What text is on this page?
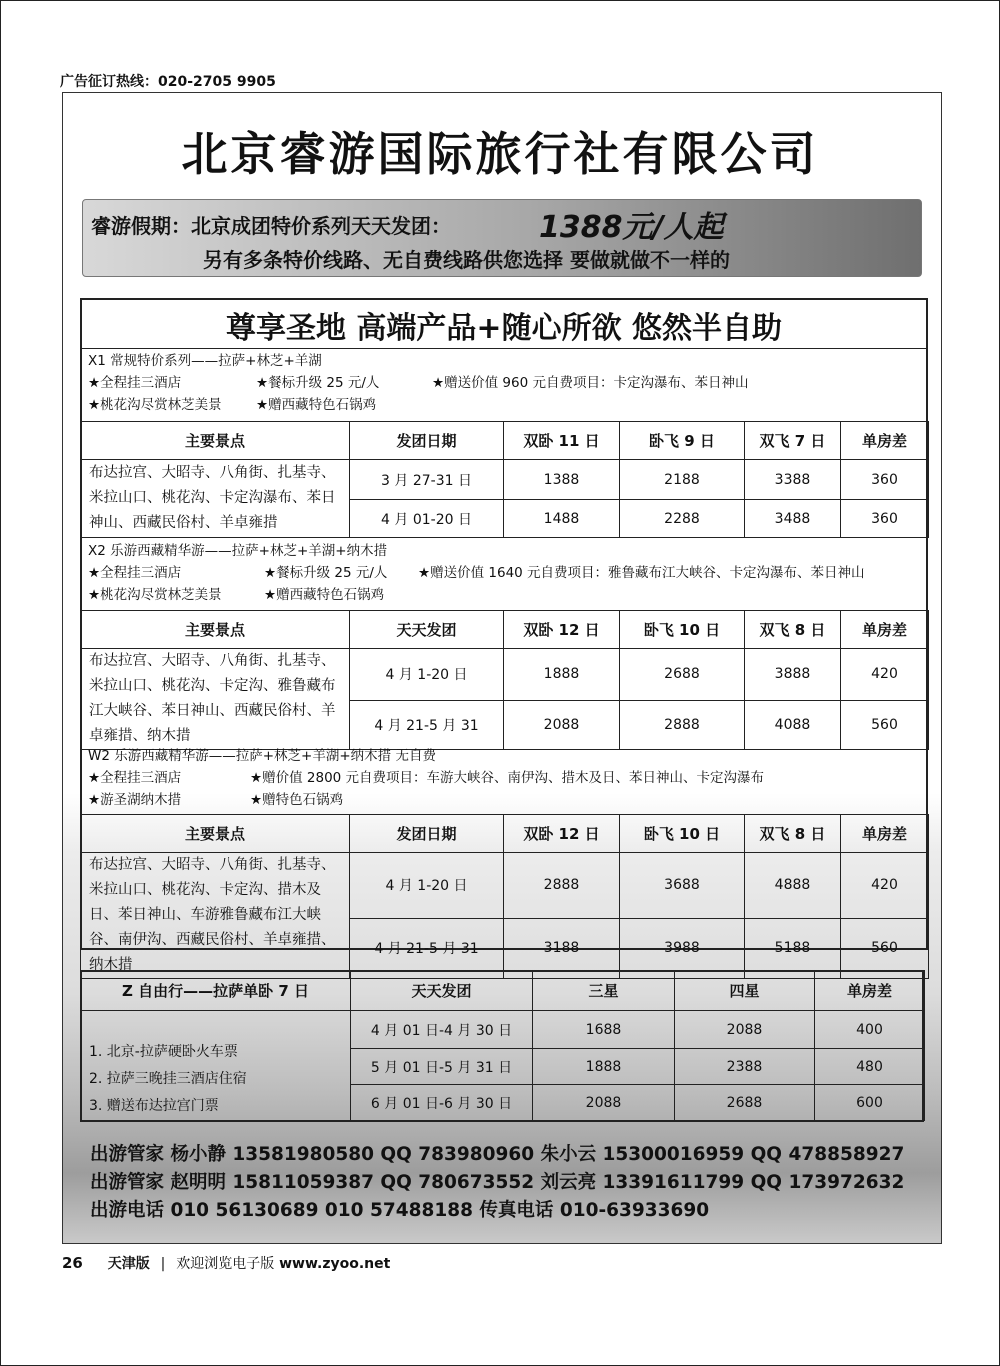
广告征订热线：020-2705 9905
北京睿游国际旅行社有限公司
睿游假期：北京成团特价系列天天发团：	1388元/人起
另有多条特价线路、无自费线路供您选择 要做就做不一样的
尊享圣地 高端产品+随心所欲 悠然半自助
X1 常规特价系列——拉萨+林芝+羊湖
★全程挂三酒店	★餐标升级 25 元/人	★赠送价值 960 元自费项目：卡定沟瀑布、苯日神山
★桃花沟尽赏林芝美景	★赠西藏特色石锅鸡
主要景点	发团日期	双卧 11 日	卧飞 9 日	双飞 7 日	单房差
布达拉宫、大昭寺、八角街、扎基寺、米拉山口、桃花沟、卡定沟瀑布、苯日神山、西藏民俗村、羊卓雍措	3 月 27-31 日	1388	2188	3388	360
	4 月 01-20 日	1488	2288	3488	360
X2 乐游西藏精华游——拉萨+林芝+羊湖+纳木措
★全程挂三酒店	★餐标升级 25 元/人 ★赠送价值 1640 元自费项目：雅鲁藏布江大峡谷、卡定沟瀑布、苯日神山
★桃花沟尽赏林芝美景	★赠西藏特色石锅鸡
主要景点	天天发团	双卧 12 日	卧飞 10 日	双飞 8 日	单房差
布达拉宫、大昭寺、八角街、扎基寺、米拉山口、桃花沟、卡定沟、雅鲁藏布江大峡谷、苯日神山、西藏民俗村、羊卓雍措、纳木措	4 月 1-20 日	1888	2688	3888	420
	4 月 21-5 月 31	2088	2888	4088	560
W2 乐游西藏精华游——拉萨+林芝+羊湖+纳木措 无自费
★全程挂三酒店	★赠价值 2800 元自费项目：车游大峡谷、南伊沟、措木及日、苯日神山、卡定沟瀑布
★游圣湖纳木措	★赠特色石锅鸡
主要景点	发团日期	双卧 12 日	卧飞 10 日	双飞 8 日	单房差
布达拉宫、大昭寺、八角街、扎基寺、米拉山口、桃花沟、卡定沟、措木及日、苯日神山、车游雅鲁藏布江大峡谷、南伊沟、西藏民俗村、羊卓雍措、纳木措	4 月 1-20 日	2888	3688	4888	420
	4 月 21-5 月 31	3188	3988	5188	560
Z 自由行——拉萨单卧 7 日	天天发团	三星	四星	单房差

1. 北京-拉萨硬卧火车票
2. 拉萨三晚挂三酒店住宿
3. 赠送布达拉宫门票	4 月 01 日-4 月 30 日	1688	2088	400
	5 月 01 日-5 月 31 日	1888	2388	480
	6 月 01 日-6 月 30 日	2088	2688	600
出游管家 杨小静 13581980580 QQ 783980960 朱小云 15300016959 QQ 478858927
出游管家 赵明明 15811059387 QQ 780673552 刘云亮 13391611799 QQ 173972632
出游电话 010 56130689 010 57488188 传真电话 010-63933690
26 天津版 | 欢迎浏览电子版 www.zyoo.net
